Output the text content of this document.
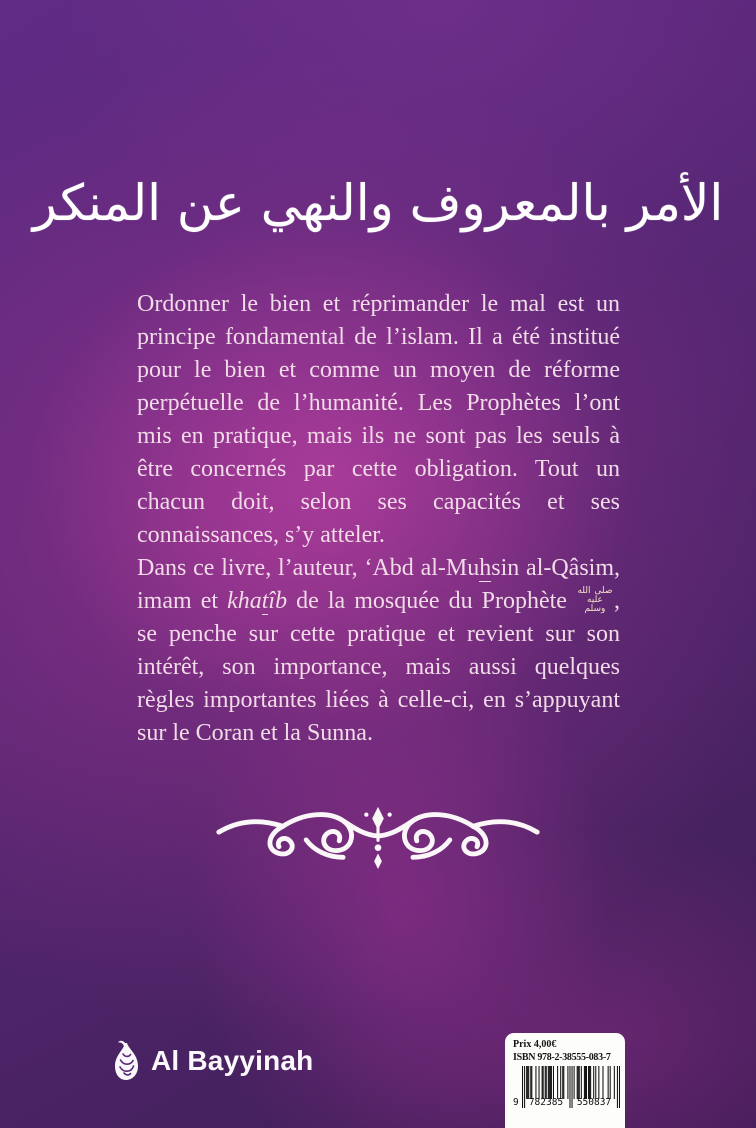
الأمر بالمعروف والنهي عن المنكر

Ordonner le bien et réprimander le mal est un principe fondamental de l’islam. Il a été institué pour le bien et comme un moyen de réforme perpétuelle de l’humanité. Les Prophètes l’ont mis en pratique, mais ils ne sont pas les seuls à être concernés par cette obligation. Tout un chacun doit, selon ses capacités et ses connaissances, s’y atteler.

Dans ce livre, l’auteur, ‘Abd al-Muhsin al-Qâsim, imam et khatîb de la mosquée du Prophète صلى الله عليه وسلم , se penche sur cette pratique et revient sur son intérêt, son importance, mais aussi quelques règles importantes liées à celle-ci, en s’appuyant sur le Coran et la Sunna.

Al Bayyinah	Prix 4,00€
ISBN 978-2-38555-083-7
9	782385	550837
